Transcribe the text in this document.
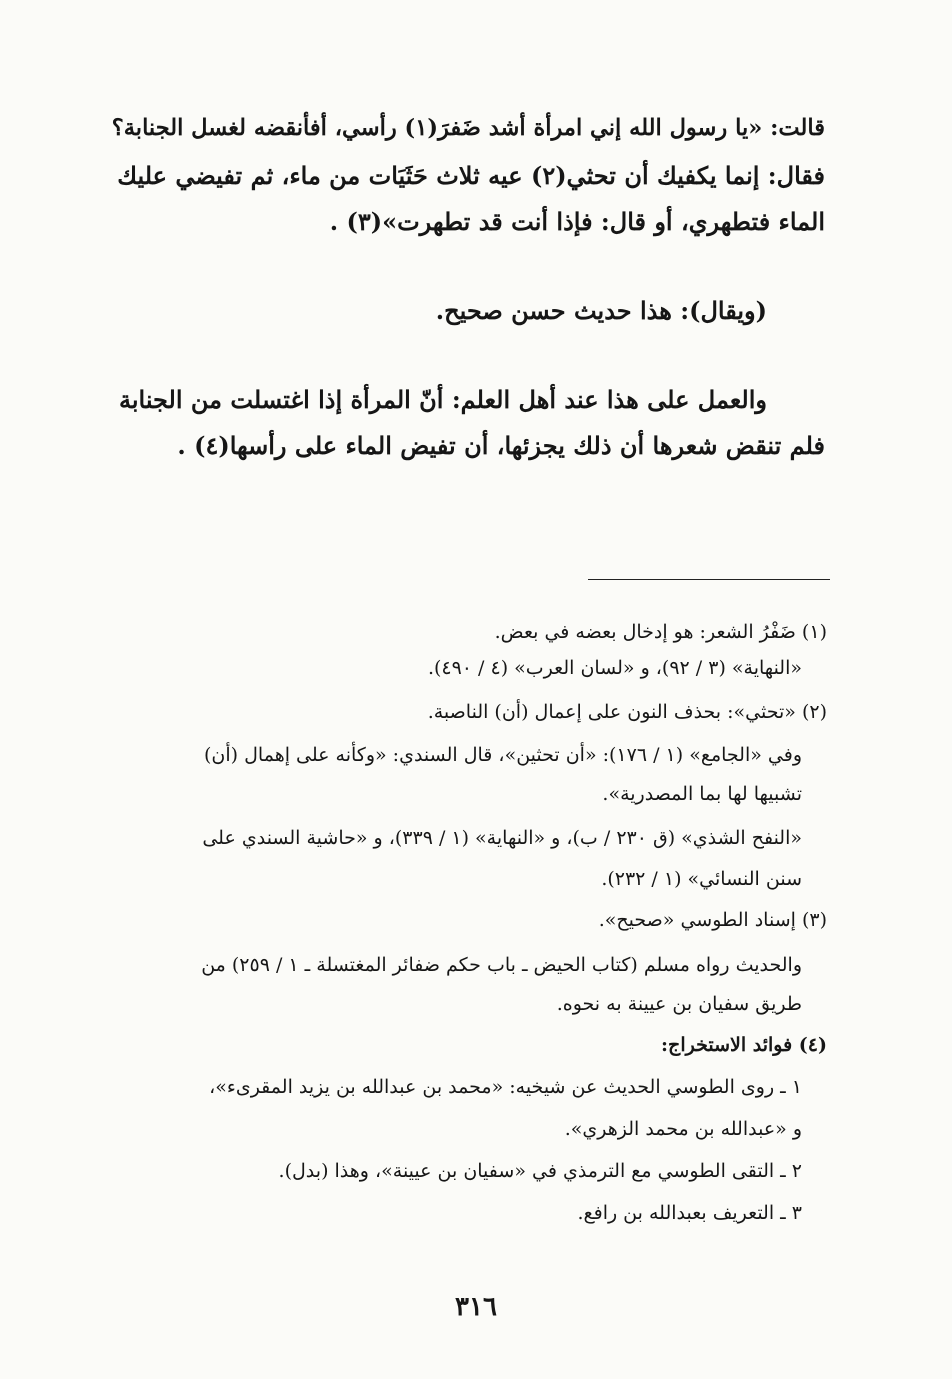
قالت: «يا رسول الله إني امرأة أشد ضَفرَ(١) رأسي، أفأنقضه لغسل الجنابة؟

فقال: إنما يكفيك أن تحثي(٢) عيه ثلاث حَثَيَات من ماء، ثم تفيضي عليك

الماء فتطهري، أو قال: فإذا أنت قد تطهرت»(٣) .

(ويقال): هذا حديث حسن صحيح.

والعمل على هذا عند أهل العلم: أنّ المرأة إذا اغتسلت من الجنابة

فلم تنقض شعرها أن ذلك يجزئها، أن تفيض الماء على رأسها(٤) .

(١) ضَفْرُ الشعر: هو إدخال بعضه في بعض.

«النهاية» (٣ / ٩٢)، و «لسان العرب» (٤ / ٤٩٠).

(٢) «تحثي»: بحذف النون على إعمال (أن) الناصبة.

وفي «الجامع» (١ / ١٧٦): «أن تحثين»، قال السندي: «وكأنه على إهمال (أن)

تشبيها لها بما المصدرية».

«النفح الشذي» (ق ٢٣٠ / ب)، و «النهاية» (١ / ٣٣٩)، و «حاشية السندي على

سنن النسائي» (١ / ٢٣٢).

(٣) إسناد الطوسي «صحيح».

والحديث رواه مسلم (كتاب الحيض ـ باب حكم ضفائر المغتسلة ـ ١ / ٢٥٩) من

طريق سفيان بن عيينة به نحوه.

(٤) فوائد الاستخراج:

١ ـ روى الطوسي الحديث عن شيخيه: «محمد بن عبدالله بن يزيد المقرىء»،

و «عبدالله بن محمد الزهري».

٢ ـ التقى الطوسي مع الترمذي في «سفيان بن عيينة»، وهذا (بدل).

٣ ـ التعريف بعبدالله بن رافع.

٣١٦
